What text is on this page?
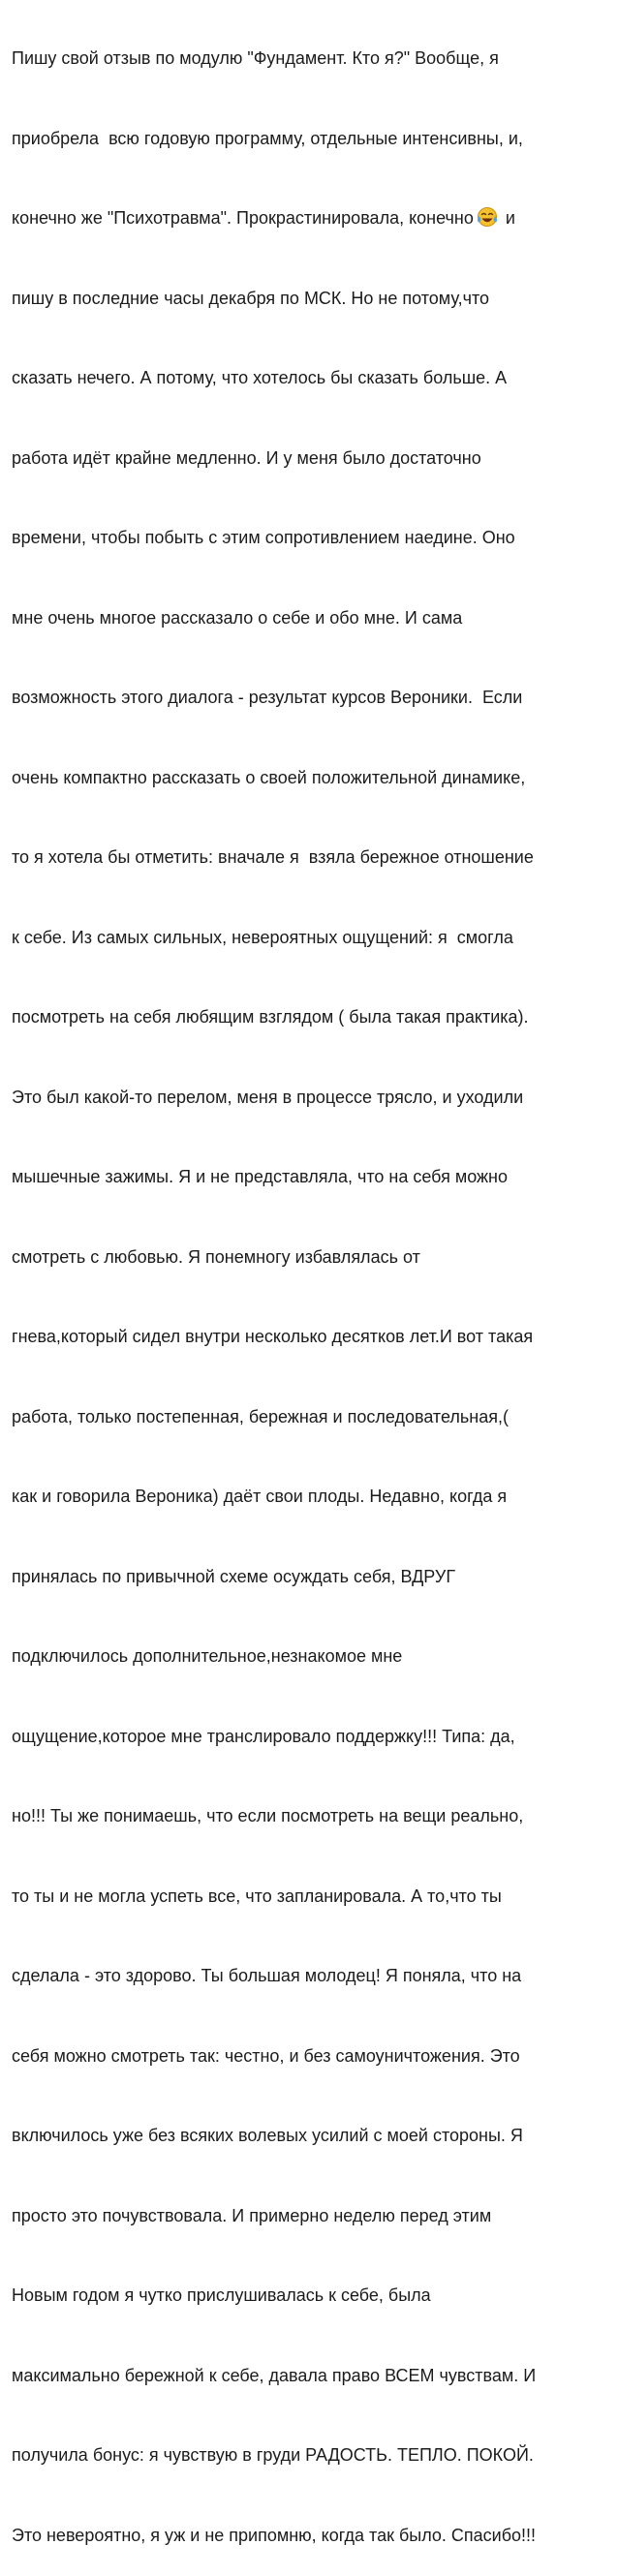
Пишу свой отзыв по модулю "Фундамент. Кто я?" Вообще, я

приобрела  всю годовую программу, отдельные интенсивны, и,

конечно же "Психотравма". Прокрастинировала, конечно и

пишу в последние часы декабря по МСК. Но не потому,что

сказать нечего. А потому, что хотелось бы сказать больше. А

работа идёт крайне медленно. И у меня было достаточно

времени, чтобы побыть с этим сопротивлением наедине. Оно

мне очень многое рассказало о себе и обо мне. И сама

возможность этого диалога - результат курсов Вероники.  Если

очень компактно рассказать о своей положительной динамике,

то я хотела бы отметить: вначале я  взяла бережное отношение

к себе. Из самых сильных, невероятных ощущений: я  смогла

посмотреть на себя любящим взглядом ( была такая практика).

Это был какой-то перелом, меня в процессе трясло, и уходили

мышечные зажимы. Я и не представляла, что на себя можно

смотреть с любовью. Я понемногу избавлялась от

гнева,который сидел внутри несколько десятков лет.И вот такая

работа, только постепенная, бережная и последовательная,(

как и говорила Вероника) даёт свои плоды. Недавно, когда я

принялась по привычной схеме осуждать себя, ВДРУГ

подключилось дополнительное,незнакомое мне

ощущение,которое мне транслировало поддержку!!! Типа: да,

но!!! Ты же понимаешь, что если посмотреть на вещи реально,

то ты и не могла успеть все, что запланировала. А то,что ты

сделала - это здорово. Ты большая молодец! Я поняла, что на

себя можно смотреть так: честно, и без самоуничтожения. Это

включилось уже без всяких волевых усилий с моей стороны. Я

просто это почувствовала. И примерно неделю перед этим

Новым годом я чутко прислушивалась к себе, была

максимально бережной к себе, давала право ВСЕМ чувствам. И

получила бонус: я чувствую в груди РАДОСТЬ. ТЕПЛО. ПОКОЙ.

Это невероятно, я уж и не припомню, когда так было. Спасибо!!!
